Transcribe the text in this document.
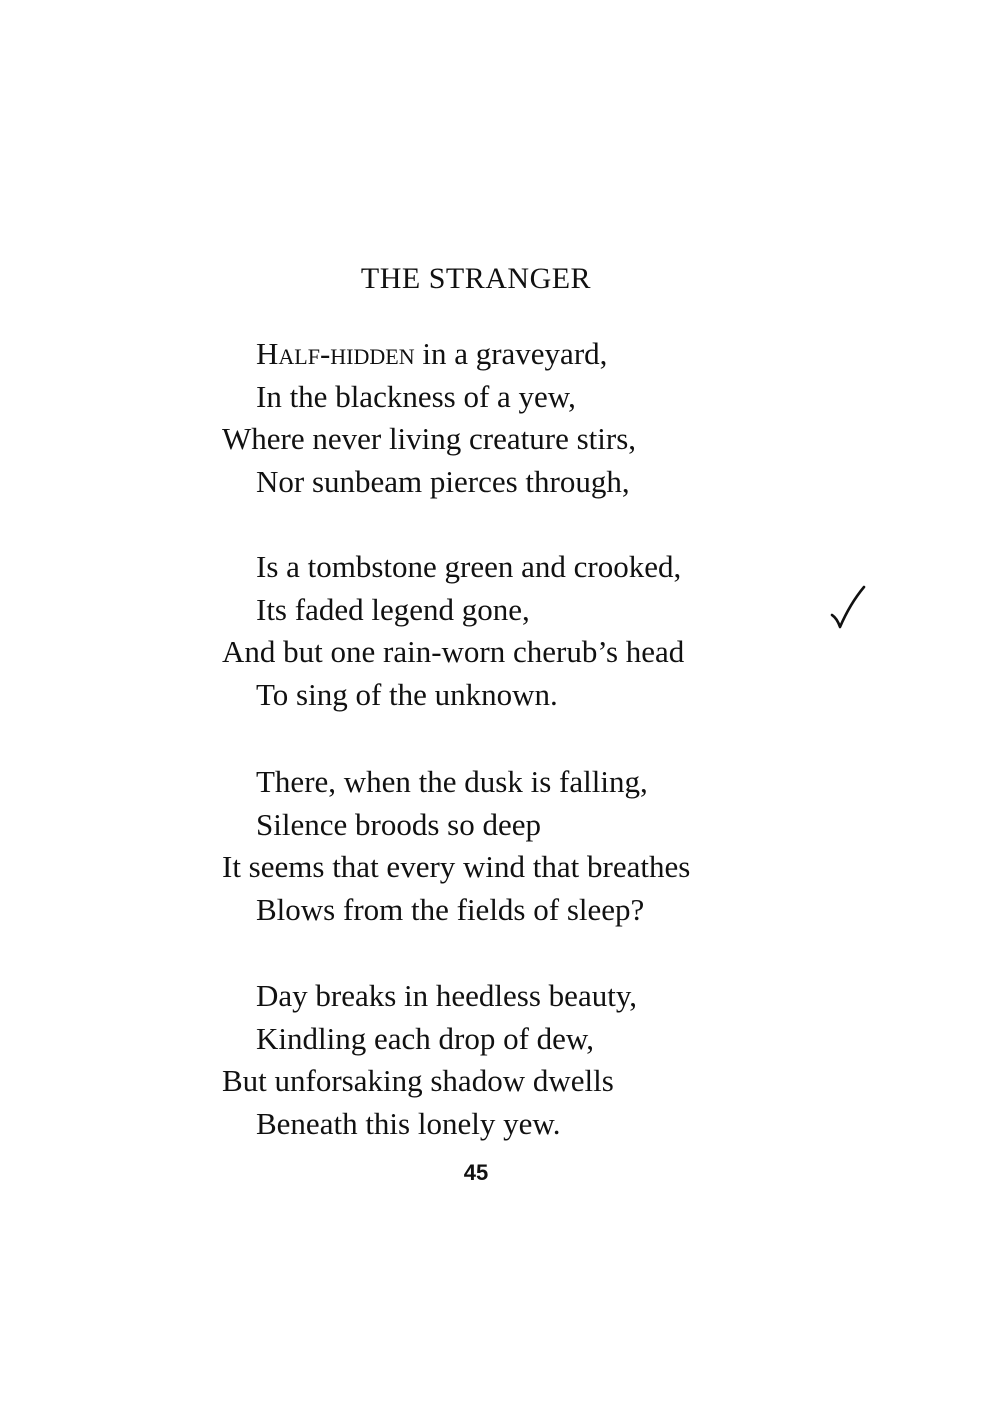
THE STRANGER
Half-hidden in a graveyard,
In the blackness of a yew,
Where never living creature stirs,
Nor sunbeam pierces through,
Is a tombstone green and crooked,
Its faded legend gone,
And but one rain-worn cherub’s head
To sing of the unknown.
There, when the dusk is falling,
Silence broods so deep
It seems that every wind that breathes
Blows from the fields of sleep?
Day breaks in heedless beauty,
Kindling each drop of dew,
But unforsaking shadow dwells
Beneath this lonely yew.
45
